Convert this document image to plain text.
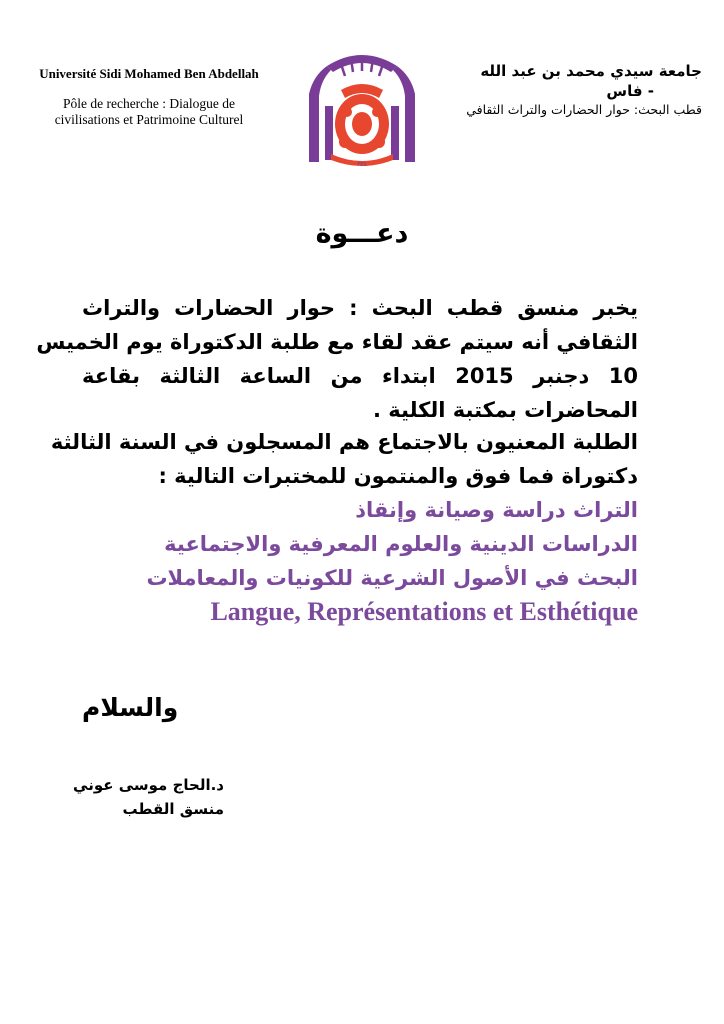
Université Sidi Mohamed Ben Abdellah
Pôle de recherche : Dialogue de
civilisations et Patrimoine Culturel
FES
جامعة سيدي محمد بن عبد الله
- فاس
قطب البحث: حوار الحضارات والتراث الثقافي
دعـــوة
يخبر منسق قطب البحث : حوار الحضارات والتراث
الثقافي أنه سيتم عقد لقاء مع طلبة الدكتوراة يوم الخميس
10 دجنبر 2015 ابتداء من الساعة الثالثة بقاعة
المحاضرات بمكتبة الكلية .
الطلبة المعنيون بالاجتماع هم المسجلون في السنة الثالثة
دكتوراة فما فوق والمنتمون للمختبرات التالية :
التراث دراسة وصيانة وإنقاذ
الدراسات الدينية والعلوم المعرفية والاجتماعية
البحث في الأصول الشرعية للكونيات والمعاملات
Langue, Représentations et Esthétique
والسلام
د.الحاج موسى عوني
منسق القطب
